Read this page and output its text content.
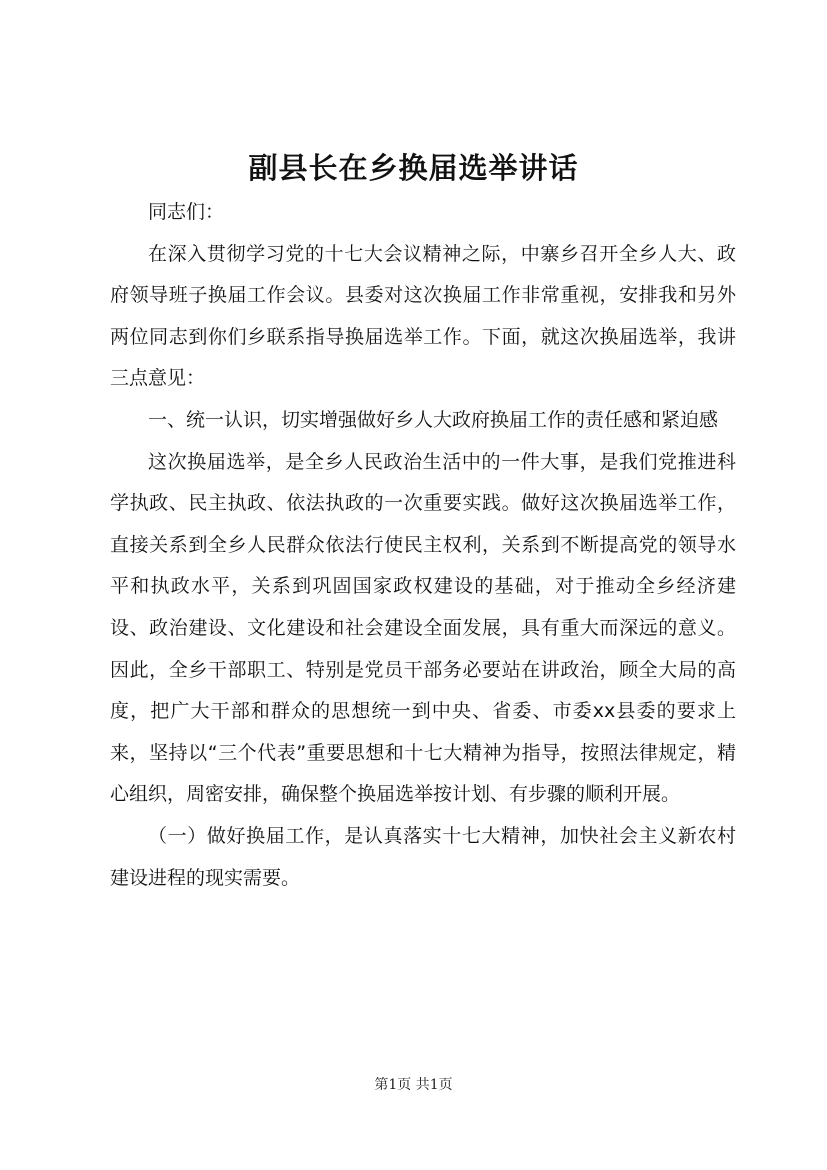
副县长在乡换届选举讲话

同志们：

在深入贯彻学习党的十七大会议精神之际，中寨乡召开全乡人大、政府领导班子换届工作会议。县委对这次换届工作非常重视，安排我和另外两位同志到你们乡联系指导换届选举工作。下面，就这次换届选举，我讲三点意见：

一、统一认识，切实增强做好乡人大政府换届工作的责任感和紧迫感

这次换届选举，是全乡人民政治生活中的一件大事，是我们党推进科学执政、民主执政、依法执政的一次重要实践。做好这次换届选举工作，直接关系到全乡人民群众依法行使民主权利，关系到不断提高党的领导水平和执政水平，关系到巩固国家政权建设的基础，对于推动全乡经济建设、政治建设、文化建设和社会建设全面发展，具有重大而深远的意义。因此，全乡干部职工、特别是党员干部务必要站在讲政治，顾全大局的高度，把广大干部和群众的思想统一到中央、省委、市委xx县委的要求上来，坚持以“三个代表”重要思想和十七大精神为指导，按照法律规定，精心组织，周密安排，确保整个换届选举按计划、有步骤的顺利开展。

（一）做好换届工作，是认真落实十七大精神，加快社会主义新农村建设进程的现实需要。

第1页 共1页
